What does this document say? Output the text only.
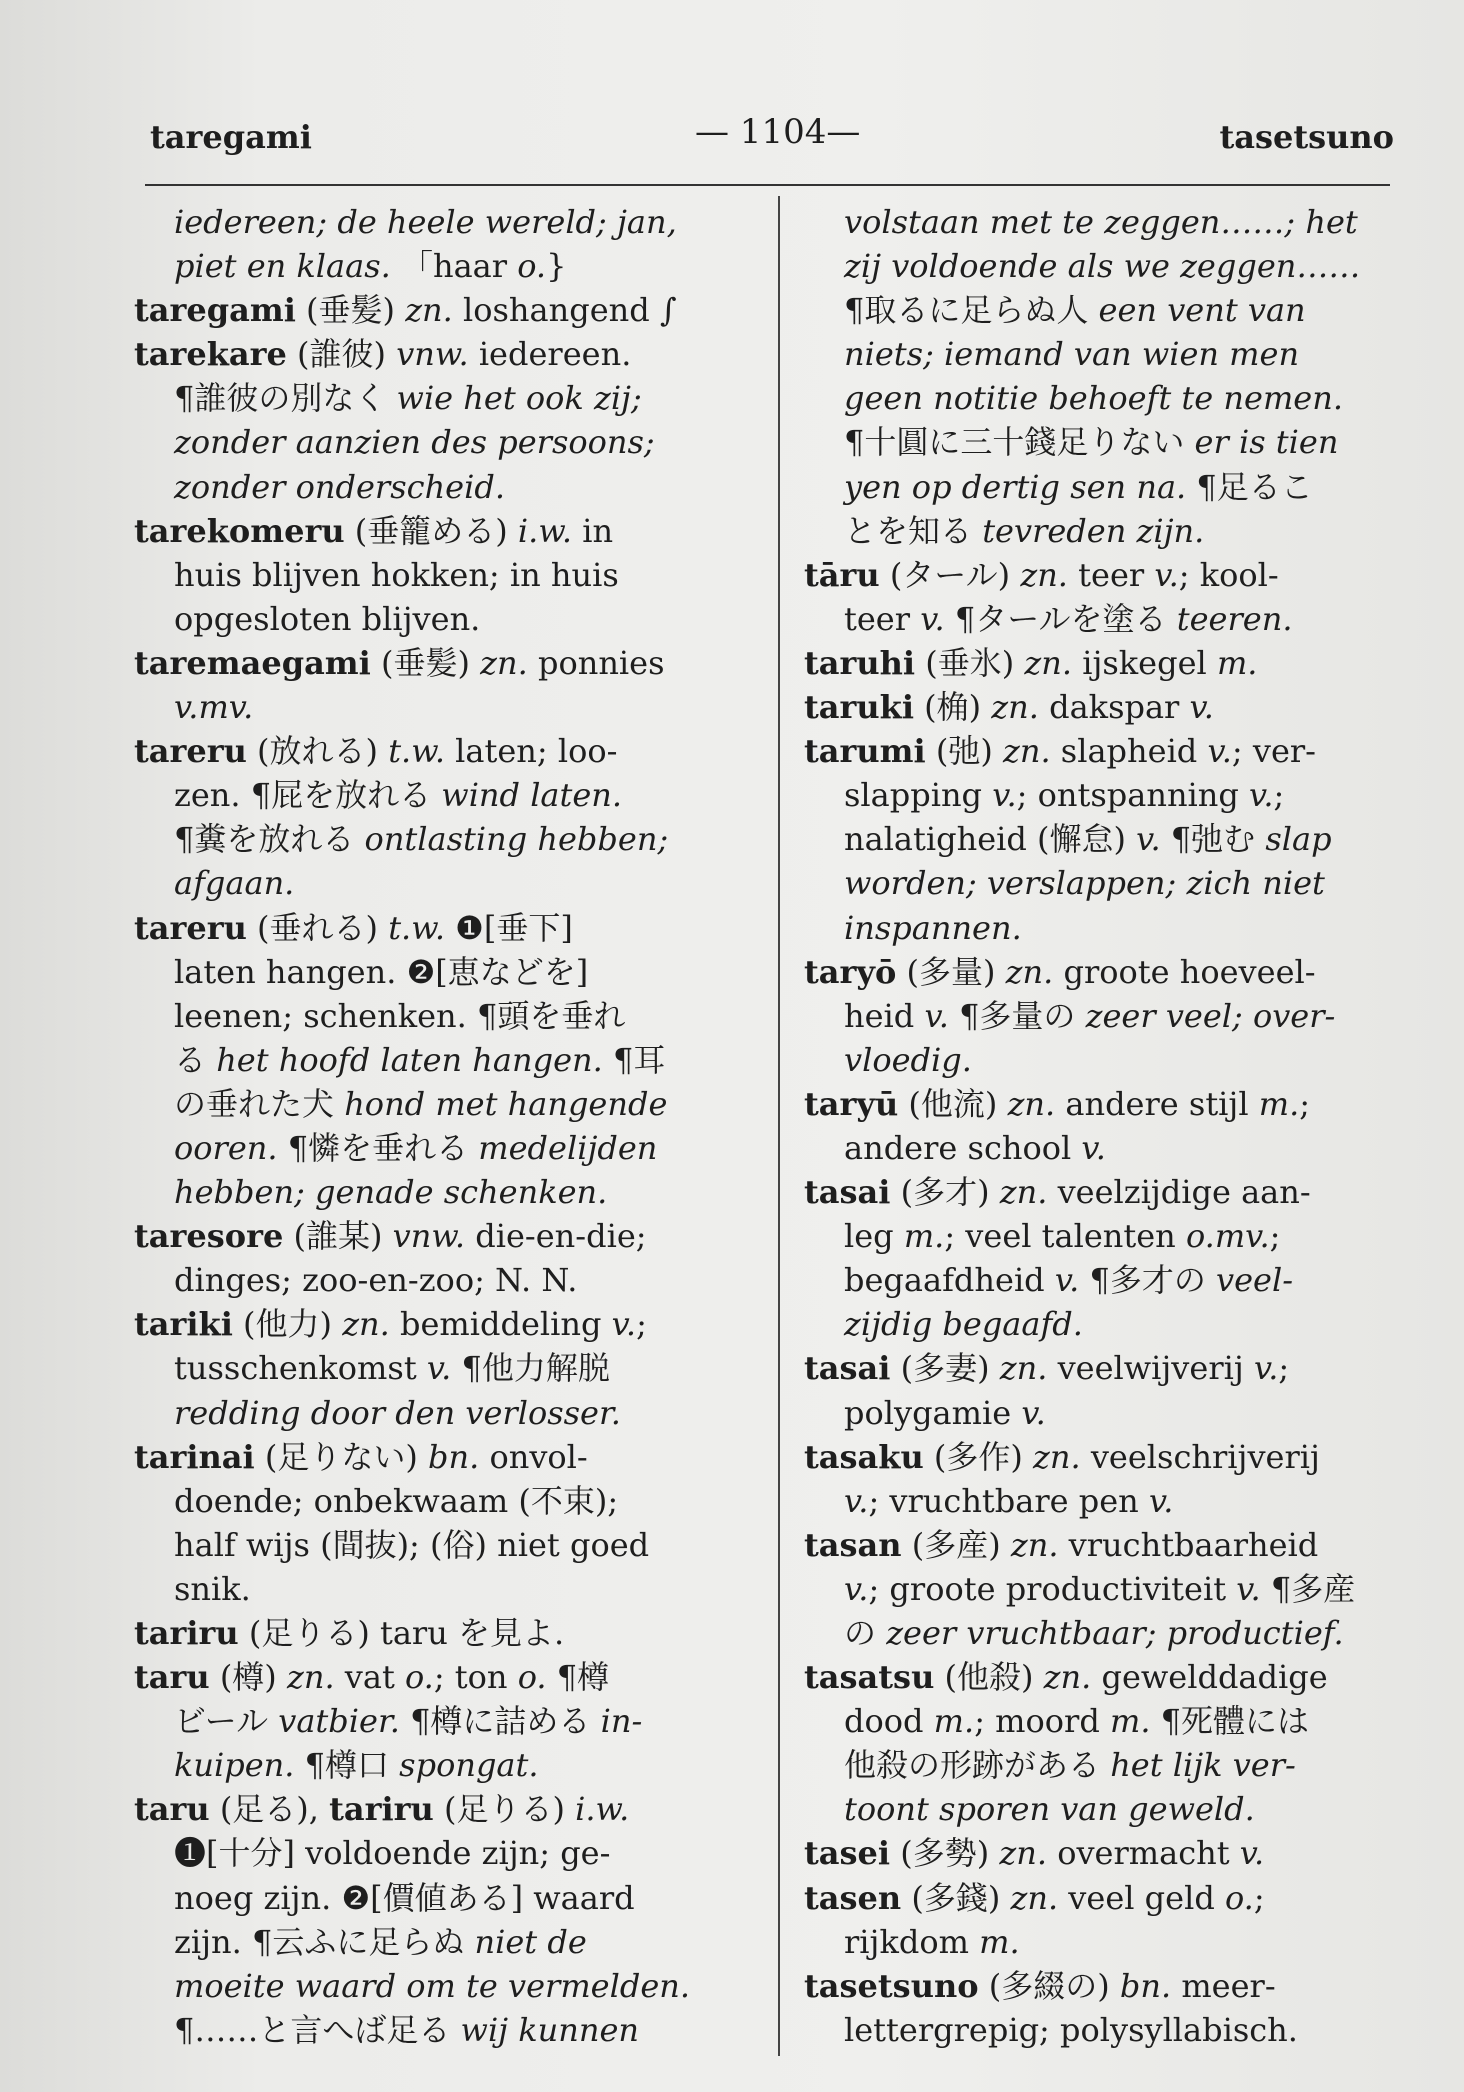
taregami	— 1104—	tasetsuno
iedereen; de heele wereld; jan,
piet en klaas. 「haar o.}
taregami (垂髪) zn. loshangend ∫
tarekare (誰彼) vnw. iedereen.
¶誰彼の別なく wie het ook zij;
zonder aanzien des persoons;
zonder onderscheid.
tarekomeru (垂籠める) i.w. in
huis blijven hokken; in huis
opgesloten blijven.
taremaegami (垂髪) zn. ponnies
v.mv.
tareru (放れる) t.w. laten; loo-
zen. ¶屁を放れる wind laten.
¶糞を放れる ontlasting hebben;
afgaan.
tareru (垂れる) t.w. ❶[垂下]
laten hangen. ❷[恵などを]
leenen; schenken. ¶頭を垂れ
る het hoofd laten hangen. ¶耳
の垂れた犬 hond met hangende
ooren. ¶憐を垂れる medelijden
hebben; genade schenken.
taresore (誰某) vnw. die-en-die;
dinges; zoo-en-zoo; N. N.
tariki (他力) zn. bemiddeling v.;
tusschenkomst v. ¶他力解脱
redding door den verlosser.
tarinai (足りない) bn. onvol-
doende; onbekwaam (不束);
half wijs (間抜); (俗) niet goed
snik.
tariru (足りる) taru を見よ.
taru (樽) zn. vat o.; ton o. ¶樽
ビール vatbier. ¶樽に詰める in-
kuipen. ¶樽口 spongat.
taru (足る), tariru (足りる) i.w.
❶[十分] voldoende zijn; ge-
noeg zijn. ❷[價値ある] waard
zijn. ¶云ふに足らぬ niet de
moeite waard om te vermelden.
¶……と言へば足る wij kunnen
volstaan met te zeggen……; het
zij voldoende als we zeggen……
¶取るに足らぬ人 een vent van
niets; iemand van wien men
geen notitie behoeft te nemen.
¶十圓に三十錢足りない er is tien
yen op dertig sen na. ¶足るこ
とを知る tevreden zijn.
tāru (タール) zn. teer v.; kool-
teer v. ¶タールを塗る teeren.
taruhi (垂氷) zn. ijskegel m.
taruki (桷) zn. dakspar v.
tarumi (弛) zn. slapheid v.; ver-
slapping v.; ontspanning v.;
nalatigheid (懈怠) v. ¶弛む slap
worden; verslappen; zich niet
inspannen.
taryō (多量) zn. groote hoeveel-
heid v. ¶多量の zeer veel; over-
vloedig.
taryū (他流) zn. andere stijl m.;
andere school v.
tasai (多才) zn. veelzijdige aan-
leg m.; veel talenten o.mv.;
begaafdheid v. ¶多才の veel-
zijdig begaafd.
tasai (多妻) zn. veelwijverij v.;
polygamie v.
tasaku (多作) zn. veelschrijverij
v.; vruchtbare pen v.
tasan (多産) zn. vruchtbaarheid
v.; groote productiviteit v. ¶多産
の zeer vruchtbaar; productief.
tasatsu (他殺) zn. gewelddadige
dood m.; moord m. ¶死體には
他殺の形跡がある het lijk ver-
toont sporen van geweld.
tasei (多勢) zn. overmacht v.
tasen (多錢) zn. veel geld o.;
rijkdom m.
tasetsuno (多綴の) bn. meer-
lettergrepig; polysyllabisch.
